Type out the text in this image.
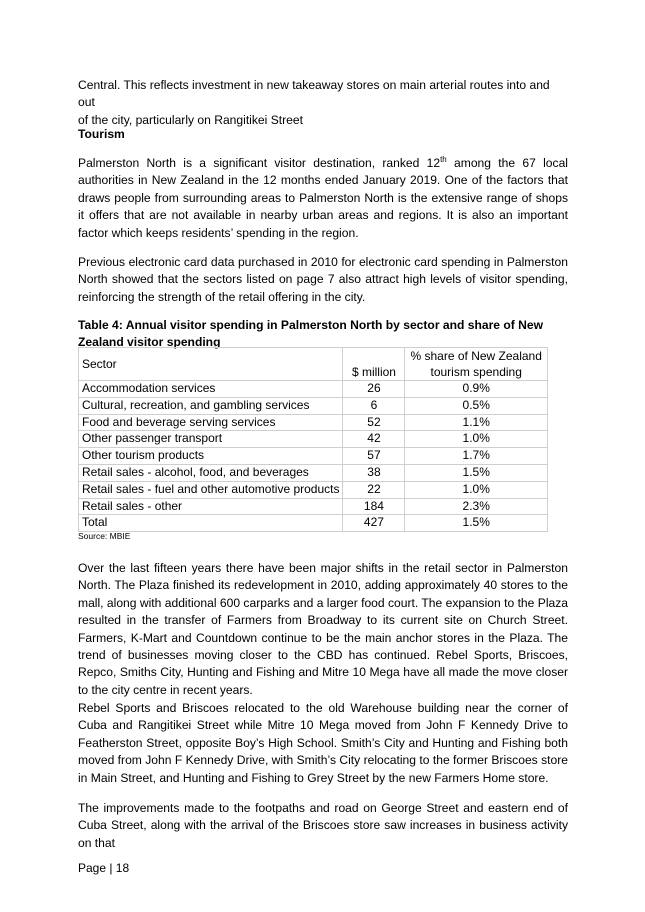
Central. This reflects investment in new takeaway stores on main arterial routes into and out
of the city, particularly on Rangitikei Street

Tourism

Palmerston North is a significant visitor destination, ranked 12th among the 67 local authorities in New Zealand in the 12 months ended January 2019. One of the factors that draws people from surrounding areas to Palmerston North is the extensive range of shops it offers that are not available in nearby urban areas and regions. It is also an important factor which keeps residents’ spending in the region.

Previous electronic card data purchased in 2010 for electronic card spending in Palmerston North showed that the sectors listed on page 7 also attract high levels of visitor spending, reinforcing the strength of the retail offering in the city.

Table 4: Annual visitor spending in Palmerston North by sector and share of New Zealand visitor spending

Sector	$ million	% share of New Zealand
		tourism spending
Accommodation services	26	0.9%
Cultural, recreation, and gambling services	6	0.5%
Food and beverage serving services	52	1.1%
Other passenger transport	42	1.0%
Other tourism products	57	1.7%
Retail sales - alcohol, food, and beverages	38	1.5%
Retail sales - fuel and other automotive products	22	1.0%
Retail sales - other	184	2.3%
Total	427	1.5%
Source: MBIE

Over the last fifteen years there have been major shifts in the retail sector in Palmerston North. The Plaza finished its redevelopment in 2010, adding approximately 40 stores to the mall, along with additional 600 carparks and a larger food court. The expansion to the Plaza resulted in the transfer of Farmers from Broadway to its current site on Church Street. Farmers, K-Mart and Countdown continue to be the main anchor stores in the Plaza. The trend of businesses moving closer to the CBD has continued. Rebel Sports, Briscoes, Repco, Smiths City, Hunting and Fishing and Mitre 10 Mega have all made the move closer to the city centre in recent years.

Rebel Sports and Briscoes relocated to the old Warehouse building near the corner of Cuba and Rangitikei Street while Mitre 10 Mega moved from John F Kennedy Drive to Featherston Street, opposite Boy’s High School. Smith’s City and Hunting and Fishing both moved from John F Kennedy Drive, with Smith’s City relocating to the former Briscoes store in Main Street, and Hunting and Fishing to Grey Street by the new Farmers Home store.

The improvements made to the footpaths and road on George Street and eastern end of Cuba Street, along with the arrival of the Briscoes store saw increases in business activity on that

Page | 18
